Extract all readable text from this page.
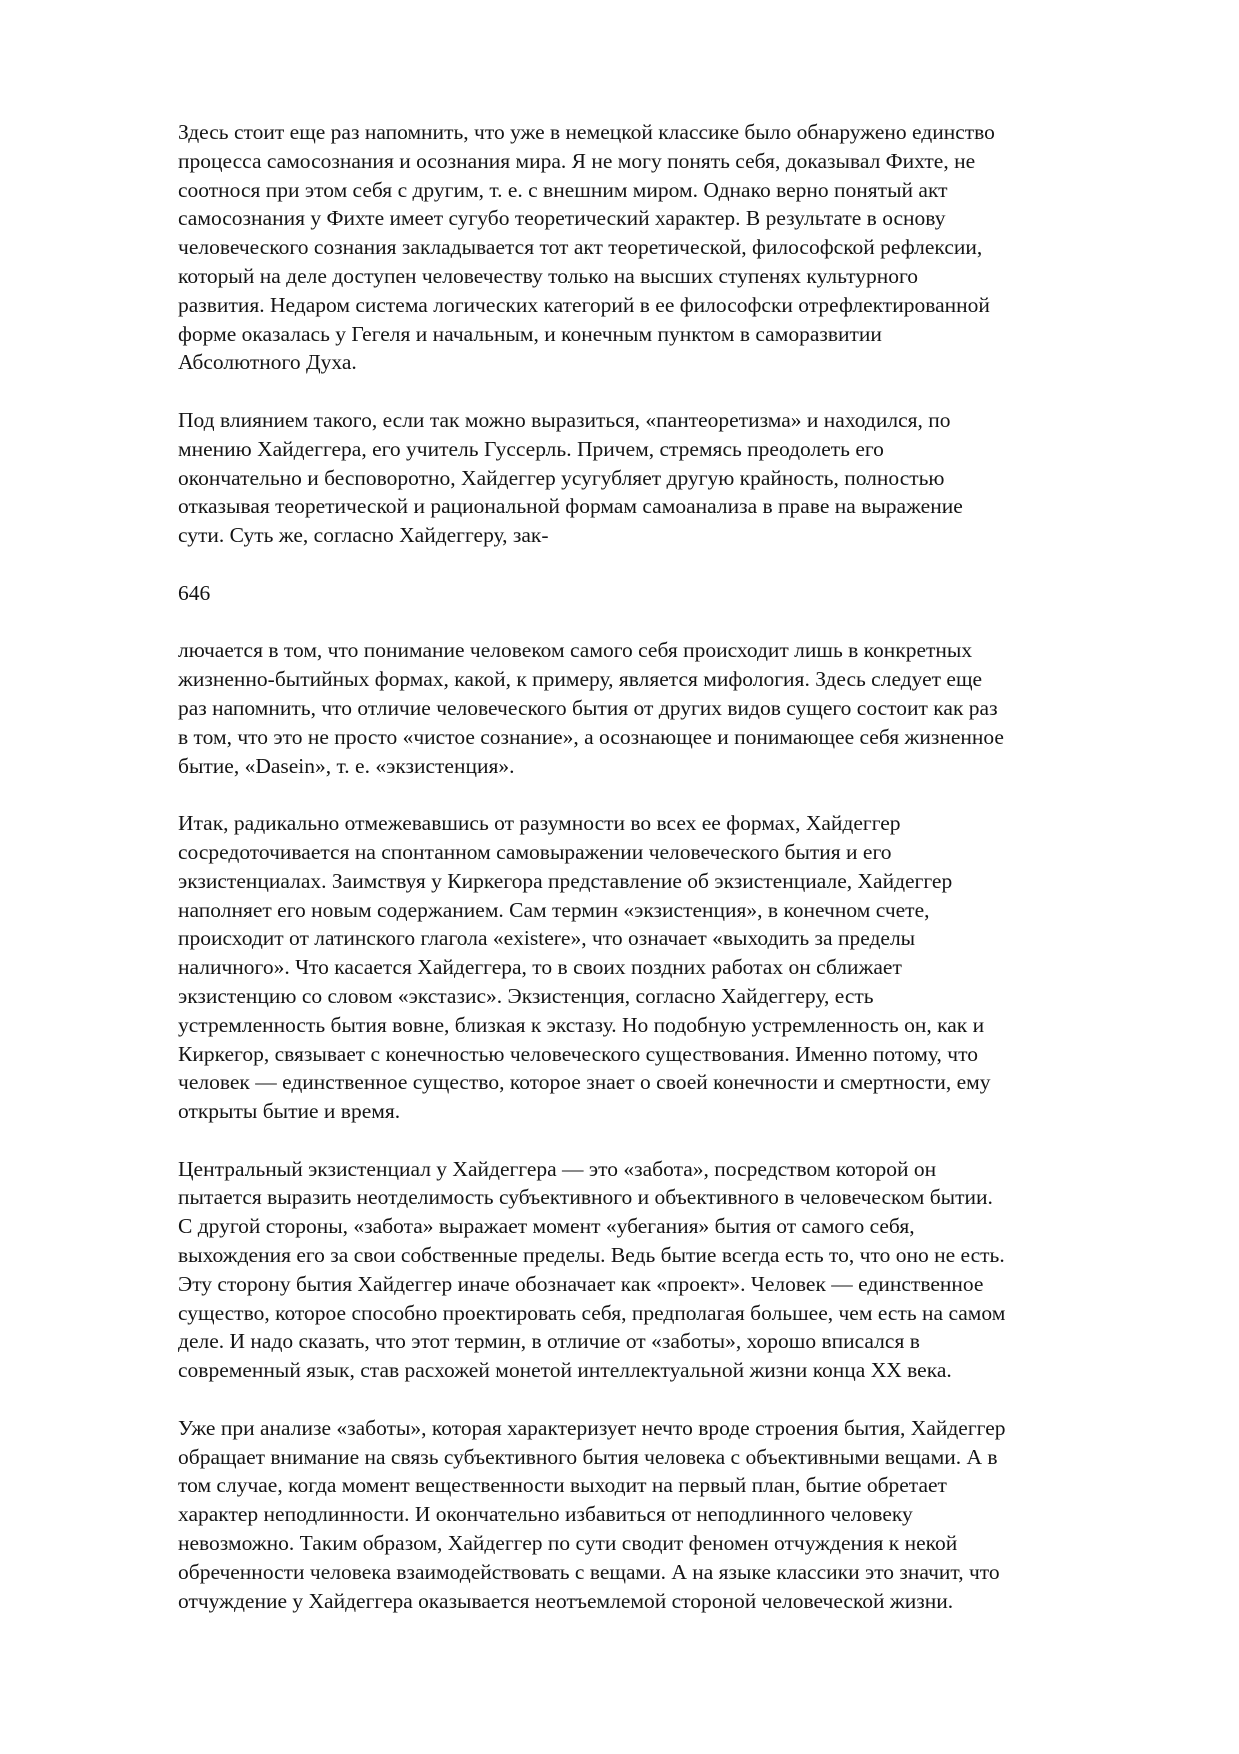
Здесь стоит еще раз напомнить, что уже в немецкой классике было обнаружено единство
процесса самосознания и осознания мира. Я не могу понять себя, доказывал Фихте, не
соотнося при этом себя с другим, т. е. с внешним миром. Однако верно понятый акт
самосознания у Фихте имеет сугубо теоретический характер. В результате в основу
человеческого сознания закладывается тот акт теоретической, философской рефлексии,
который на деле доступен человечеству только на высших ступенях культурного
развития. Недаром система логических категорий в ее философски отрефлектированной
форме оказалась у Гегеля и начальным, и конечным пунктом в саморазвитии
Абсолютного Духа.

Под влиянием такого, если так можно выразиться, «пантеоретизма» и находился, по
мнению Хайдеггера, его учитель Гуссерль. Причем, стремясь преодолеть его
окончательно и бесповоротно, Хайдеггер усугубляет другую крайность, полностью
отказывая теоретической и рациональной формам самоанализа в праве на выражение
сути. Суть же, согласно Хайдеггеру, зак-

646

лючается в том, что понимание человеком самого себя происходит лишь в конкретных
жизненно-бытийных формах, какой, к примеру, является мифология. Здесь следует еще
раз напомнить, что отличие человеческого бытия от других видов сущего состоит как раз
в том, что это не просто «чистое сознание», а осознающее и понимающее себя жизненное
бытие, «Dasein», т. е. «экзистенция».

Итак, радикально отмежевавшись от разумности во всех ее формах, Хайдеггер
сосредоточивается на спонтанном самовыражении человеческого бытия и его
экзистенциалах. Заимствуя у Киркегора представление об экзистенциале, Хайдеггер
наполняет его новым содержанием. Сам термин «экзистенция», в конечном счете,
происходит от латинского глагола «existere», что означает «выходить за пределы
наличного». Что касается Хайдеггера, то в своих поздних работах он сближает
экзистенцию со словом «экстазис». Экзистенция, согласно Хайдеггеру, есть
устремленность бытия вовне, близкая к экстазу. Но подобную устремленность он, как и
Киркегор, связывает с конечностью человеческого существования. Именно потому, что
человек — единственное существо, которое знает о своей конечности и смертности, ему
открыты бытие и время.

Центральный экзистенциал у Хайдеггера — это «забота», посредством которой он
пытается выразить неотделимость субъективного и объективного в человеческом бытии.
С другой стороны, «забота» выражает момент «убегания» бытия от самого себя,
выхождения его за свои собственные пределы. Ведь бытие всегда есть то, что оно не есть.
Эту сторону бытия Хайдеггер иначе обозначает как «проект». Человек — единственное
существо, которое способно проектировать себя, предполагая большее, чем есть на самом
деле. И надо сказать, что этот термин, в отличие от «заботы», хорошо вписался в
современный язык, став расхожей монетой интеллектуальной жизни конца XX века.

Уже при анализе «заботы», которая характеризует нечто вроде строения бытия, Хайдеггер
обращает внимание на связь субъективного бытия человека с объективными вещами. А в
том случае, когда момент вещественности выходит на первый план, бытие обретает
характер неподлинности. И окончательно избавиться от неподлинного человеку
невозможно. Таким образом, Хайдеггер по сути сводит феномен отчуждения к некой
обреченности человека взаимодействовать с вещами. А на языке классики это значит, что
отчуждение у Хайдеггера оказывается неотъемлемой стороной человеческой жизни.
